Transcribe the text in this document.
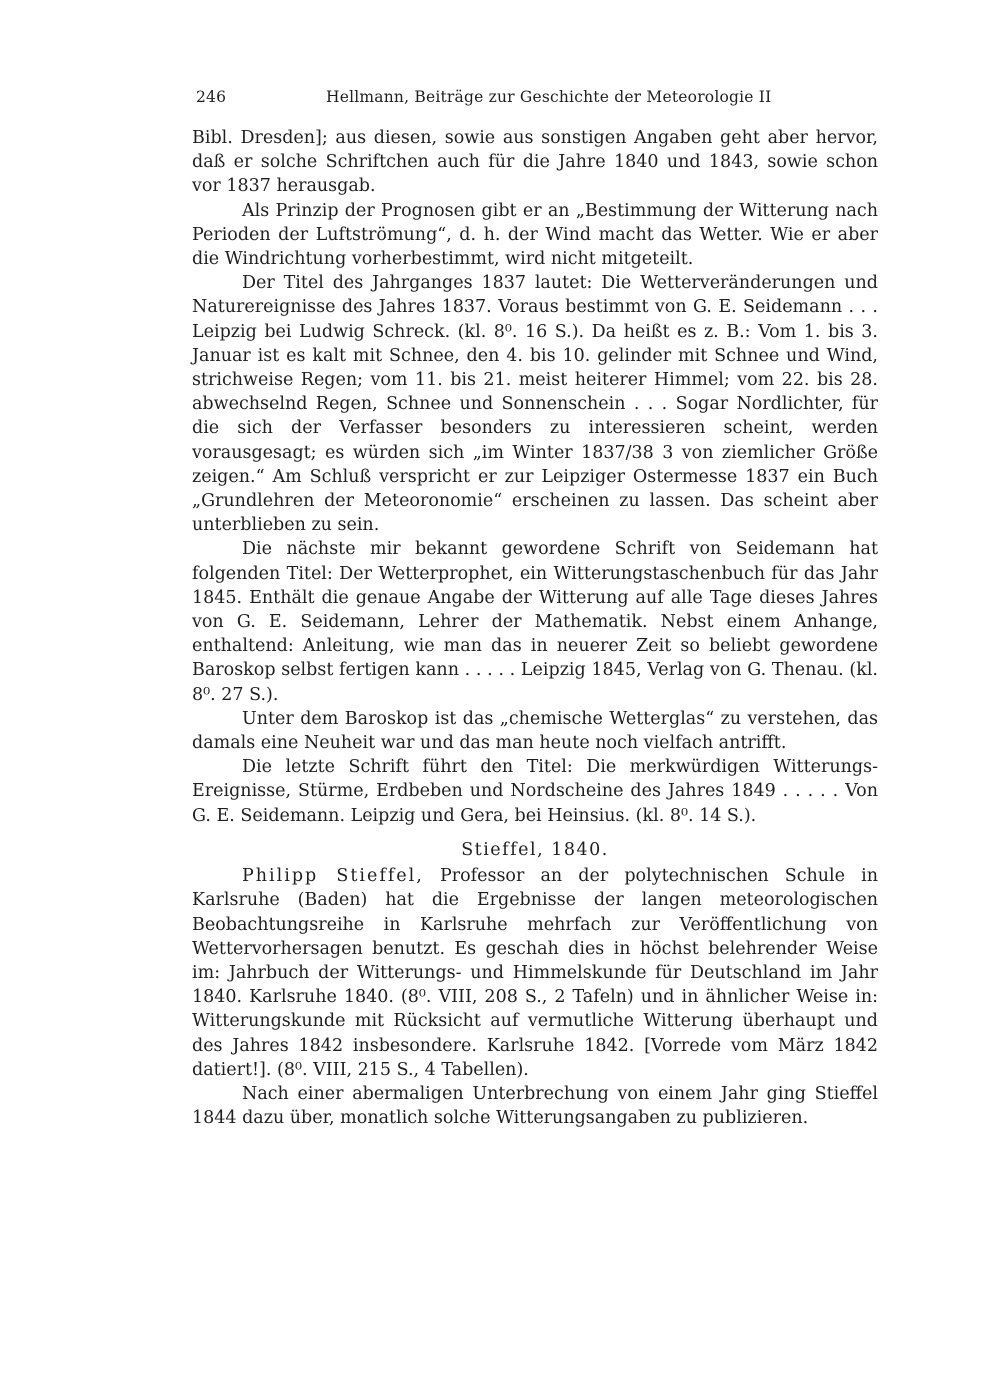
246	Hellmann, Beiträge zur Geschichte der Meteorologie II

Bibl. Dresden]; aus diesen, sowie aus sonstigen Angaben geht aber hervor, daß er solche Schriftchen auch für die Jahre 1840 und 1843, sowie schon vor 1837 herausgab.

Als Prinzip der Prognosen gibt er an „Bestimmung der Witterung nach Perioden der Luftströmung“, d. h. der Wind macht das Wetter. Wie er aber die Windrichtung vorherbestimmt, wird nicht mitgeteilt.

Der Titel des Jahrganges 1837 lautet: Die Wetterveränderungen und Naturereignisse des Jahres 1837. Voraus bestimmt von G. E. Seidemann . . . Leipzig bei Ludwig Schreck. (kl. 8⁰. 16 S.). Da heißt es z. B.: Vom 1. bis 3. Januar ist es kalt mit Schnee, den 4. bis 10. gelinder mit Schnee und Wind, strichweise Regen; vom 11. bis 21. meist heiterer Himmel; vom 22. bis 28. abwechselnd Regen, Schnee und Sonnenschein . . . Sogar Nordlichter, für die sich der Verfasser besonders zu interessieren scheint, werden vorausgesagt; es würden sich „im Winter 1837/38 3 von ziemlicher Größe zeigen.“ Am Schluß verspricht er zur Leipziger Ostermesse 1837 ein Buch „Grundlehren der Meteoronomie“ erscheinen zu lassen. Das scheint aber unterblieben zu sein.

Die nächste mir bekannt gewordene Schrift von Seidemann hat folgenden Titel: Der Wetterprophet, ein Witterungstaschenbuch für das Jahr 1845. Enthält die genaue Angabe der Witterung auf alle Tage dieses Jahres von G. E. Seidemann, Lehrer der Mathematik. Nebst einem Anhange, enthaltend: Anleitung, wie man das in neuerer Zeit so beliebt gewordene Baroskop selbst fertigen kann . . . . . Leipzig 1845, Verlag von G. Thenau. (kl. 8⁰. 27 S.).

Unter dem Baroskop ist das „chemische Wetterglas“ zu verstehen, das damals eine Neuheit war und das man heute noch vielfach antrifft.

Die letzte Schrift führt den Titel: Die merkwürdigen Witterungs-Ereignisse, Stürme, Erdbeben und Nordscheine des Jahres 1849 . . . . . Von G. E. Seidemann. Leipzig und Gera, bei Heinsius. (kl. 8⁰. 14 S.).

Stieffel, 1840.

Philipp Stieffel, Professor an der polytechnischen Schule in Karlsruhe (Baden) hat die Ergebnisse der langen meteorologischen Beobachtungsreihe in Karlsruhe mehrfach zur Veröffentlichung von Wettervorhersagen benutzt. Es geschah dies in höchst belehrender Weise im: Jahrbuch der Witterungs- und Himmelskunde für Deutschland im Jahr 1840. Karlsruhe 1840. (8⁰. VIII, 208 S., 2 Tafeln) und in ähnlicher Weise in: Witterungskunde mit Rücksicht auf vermutliche Witterung überhaupt und des Jahres 1842 insbesondere. Karlsruhe 1842. [Vorrede vom März 1842 datiert!]. (8⁰. VIII, 215 S., 4 Tabellen).

Nach einer abermaligen Unterbrechung von einem Jahr ging Stieffel 1844 dazu über, monatlich solche Witterungsangaben zu publizieren.
